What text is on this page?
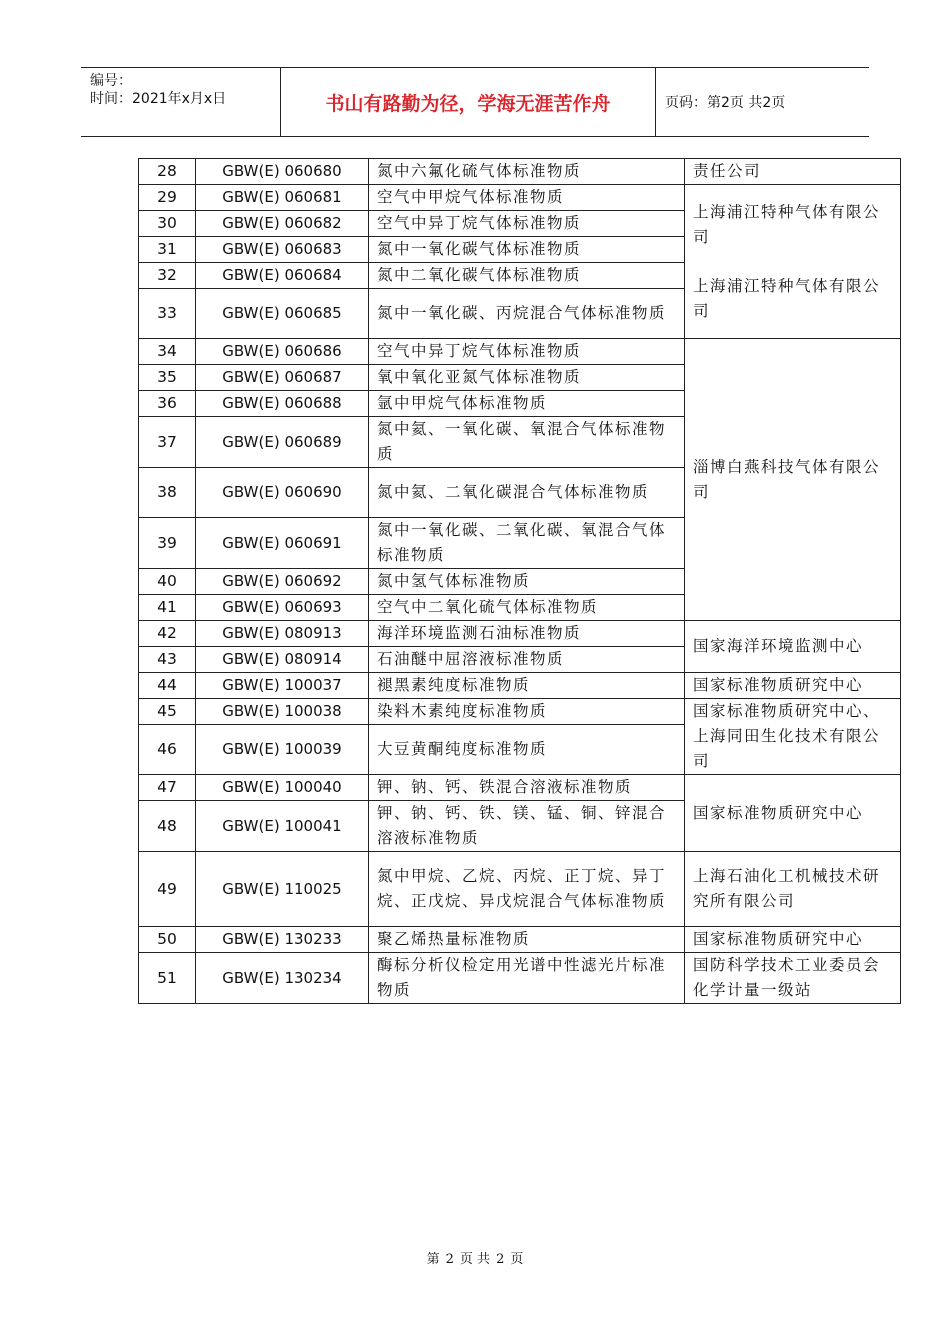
编号：
时间：2021年x月x日	书山有路勤为径，学海无涯苦作舟	页码：第2页 共2页
28	GBW(E) 060680	氮中六氟化硫气体标准物质	责任公司
29	GBW(E) 060681	空气中甲烷气体标准物质	上海浦江特种气体有限公司
上海浦江特种气体有限公司

30	GBW(E) 060682	空气中异丁烷气体标准物质	
31	GBW(E) 060683	氮中一氧化碳气体标准物质	
32	GBW(E) 060684	氮中二氧化碳气体标准物质	
33	GBW(E) 060685	氮中一氧化碳、丙烷混合气体标准物质	
34	GBW(E) 060686	空气中异丁烷气体标准物质	淄博白燕科技气体有限公司
35	GBW(E) 060687	氧中氧化亚氮气体标准物质	
36	GBW(E) 060688	氩中甲烷气体标准物质	
37	GBW(E) 060689	氮中氦、一氧化碳、氧混合气体标准物质	
38	GBW(E) 060690	氮中氦、二氧化碳混合气体标准物质	
39	GBW(E) 060691	氮中一氧化碳、二氧化碳、氧混合气体标准物质	
40	GBW(E) 060692	氮中氢气体标准物质	
41	GBW(E) 060693	空气中二氧化硫气体标准物质	
42	GBW(E) 080913	海洋环境监测石油标准物质	国家海洋环境监测中心
43	GBW(E) 080914	石油醚中屈溶液标准物质	
44	GBW(E) 100037	褪黑素纯度标准物质	国家标准物质研究中心
45	GBW(E) 100038	染料木素纯度标准物质	国家标准物质研究中心、上海同田生化技术有限公司
46	GBW(E) 100039	大豆黄酮纯度标准物质	
47	GBW(E) 100040	钾、钠、钙、铁混合溶液标准物质	国家标准物质研究中心
48	GBW(E) 100041	钾、钠、钙、铁、镁、锰、铜、锌混合溶液标准物质	
49	GBW(E) 110025	氮中甲烷、乙烷、丙烷、正丁烷、异丁烷、正戊烷、异戊烷混合气体标准物质	上海石油化工机械技术研究所有限公司
50	GBW(E) 130233	聚乙烯热量标准物质	国家标准物质研究中心
51	GBW(E) 130234	酶标分析仪检定用光谱中性滤光片标准物质	国防科学技术工业委员会化学计量一级站
第 2 页 共 2 页
